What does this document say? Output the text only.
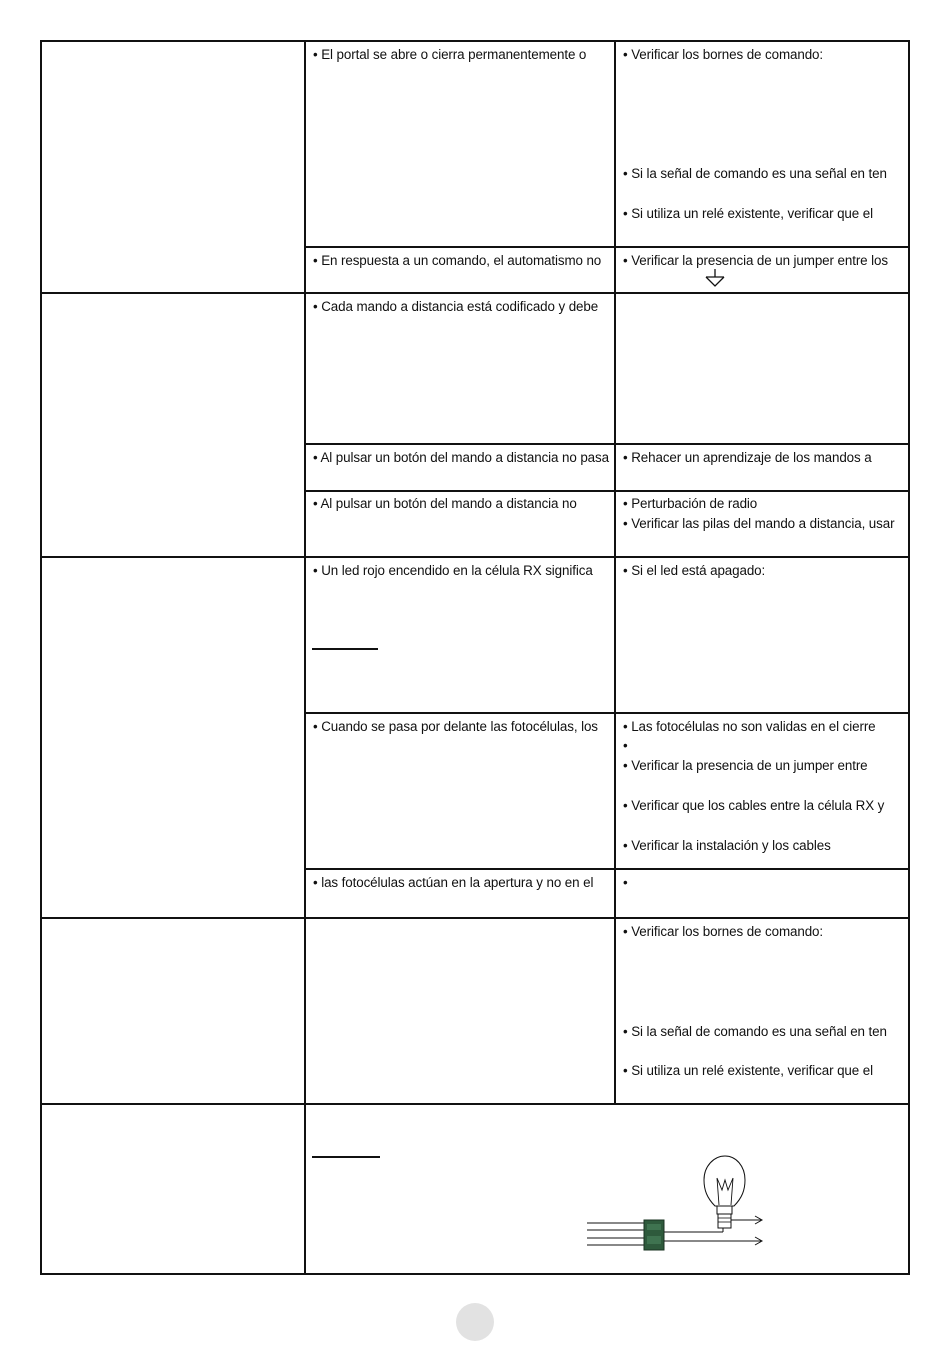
• El portal se abre o cierra permanentemente o	• Verificar los bornes de comando:
• Si la señal de comando es una señal en ten
• Si utiliza un relé existente, verificar que el
• En respuesta a un comando, el automatismo no • Verificar la presencia de un jumper entre los
• Cada mando a distancia está codificado y debe
• Al pulsar un botón del mando a distancia no pasa • Rehacer un aprendizaje de los mandos a
• Al pulsar un botón del mando a distancia no	• Perturbación de radio
• Verificar las pilas del mando a distancia, usar
• Un led rojo encendido en la célula RX significa • Si el led está apagado:
• Cuando se pasa por delante las fotocélulas, los • Las fotocélulas no son validas en el cierre
•
• Verificar la presencia de un jumper entre
• Verificar que los cables entre la célula RX y
• Verificar la instalación y los cables
• las fotocélulas actúan en la apertura y no en el •
• Verificar los bornes de comando:
• Si la señal de comando es una señal en ten
• Si utiliza un relé existente, verificar que el
